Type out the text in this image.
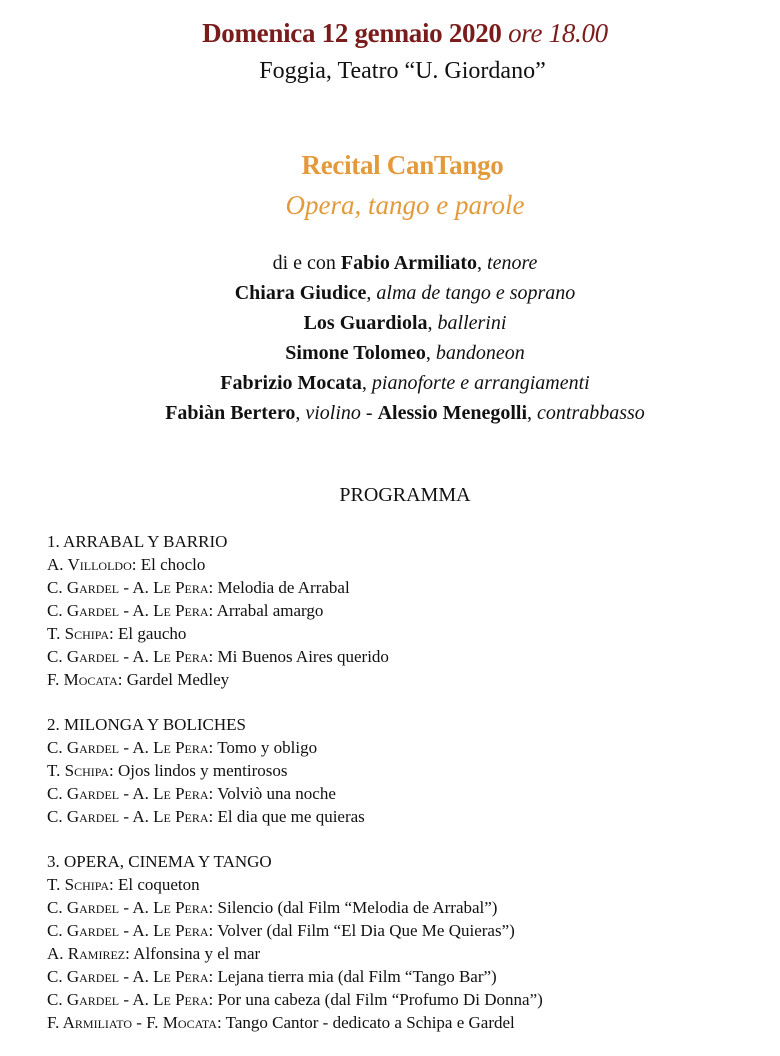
Domenica 12 gennaio 2020 ore 18.00
Foggia, Teatro “U. Giordano”
Recital CanTango
Opera, tango e parole
di e con Fabio Armiliato, tenore
Chiara Giudice, alma de tango e soprano
Los Guardiola, ballerini
Simone Tolomeo, bandoneon
Fabrizio Mocata, pianoforte e arrangiamenti
Fabiàn Bertero, violino - Alessio Menegolli, contrabbasso
PROGRAMMA
1. ARRABAL Y BARRIO
A. Villoldo: El choclo
C. Gardel - A. Le Pera: Melodia de Arrabal
C. Gardel - A. Le Pera: Arrabal amargo
T. Schipa: El gaucho
C. Gardel - A. Le Pera: Mi Buenos Aires querido
F. Mocata: Gardel Medley
2. MILONGA Y BOLICHES
C. Gardel - A. Le Pera: Tomo y obligo
T. Schipa: Ojos lindos y mentirosos
C. Gardel - A. Le Pera: Volviò una noche
C. Gardel - A. Le Pera: El dia que me quieras
3. OPERA, CINEMA Y TANGO
T. Schipa: El coqueton
C. Gardel - A. Le Pera: Silencio (dal Film “Melodia de Arrabal”)
C. Gardel - A. Le Pera: Volver (dal Film “El Dia Que Me Quieras”)
A. Ramirez: Alfonsina y el mar
C. Gardel - A. Le Pera: Lejana tierra mia (dal Film “Tango Bar”)
C. Gardel - A. Le Pera: Por una cabeza (dal Film “Profumo Di Donna”)
F. Armiliato - F. Mocata: Tango Cantor - dedicato a Schipa e Gardel
